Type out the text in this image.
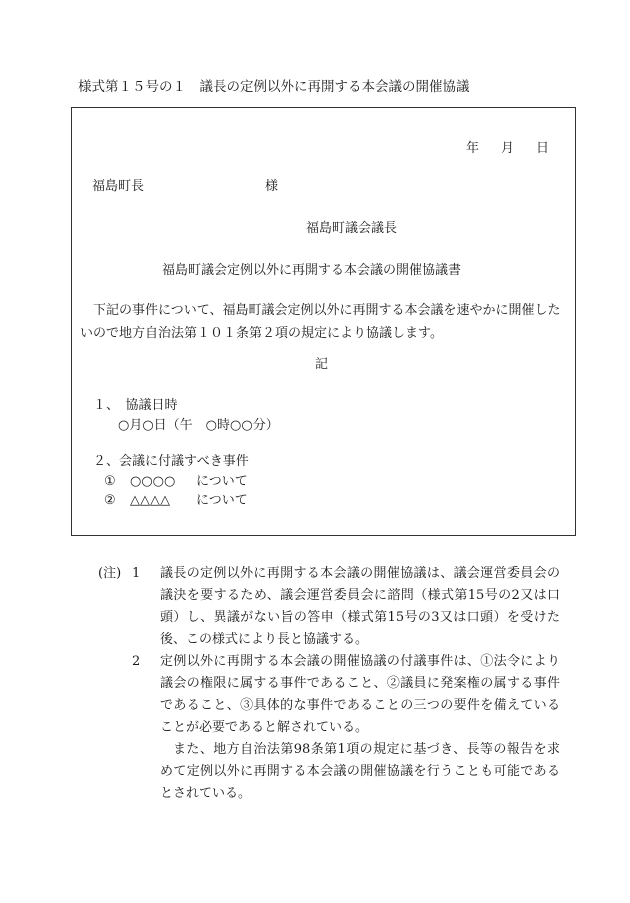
様式第１５号の１　議長の定例以外に再開する本会議の開催協議
年 月 日
福島町長	様
福島町議会議長
福島町議会定例以外に再開する本会議の開催協議書

下記の事件について、福島町議会定例以外に再開する本会議を速やかに開催したいので地方自治法第１０１条第２項の規定により協議します。

記
１、　協議日時
○月○日（午　○時○○分）
２、会議に付議すべき事件
① ○○○○ について
② △△△△ について
(注) 1	議長の定例以外に再開する本会議の開催協議は、議会運営委員会の議決を要するため、議会運営委員会に諮問（様式第15号の2又は口頭）し、異議がない旨の答申（様式第15号の3又は口頭）を受けた後、この様式により長と協議する。
2	定例以外に再開する本会議の開催協議の付議事件は、①法令により議会の権限に属する事件であること、②議員に発案権の属する事件であること、③具体的な事件であることの三つの要件を備えていることが必要であると解されている。
また、地方自治法第98条第1項の規定に基づき、長等の報告を求めて定例以外に再開する本会議の開催協議を行うことも可能であるとされている。
